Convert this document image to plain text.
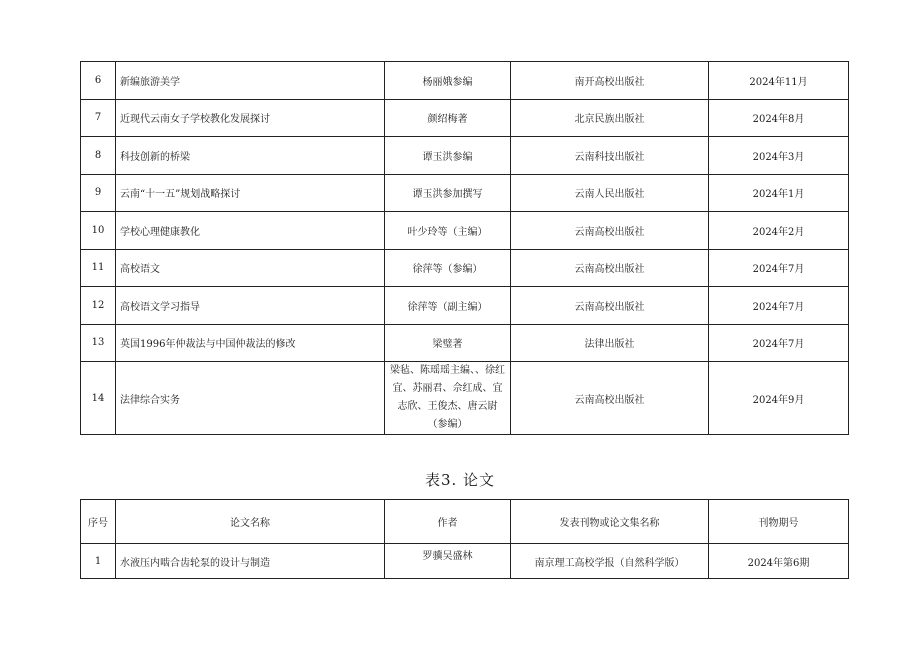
6	新编旅游美学	杨丽娥参编	南开高校出版社	2024年11月
7	近现代云南女子学校教化发展探讨	颜绍梅著	北京民族出版社	2024年8月
8	科技创新的桥梁	谭玉洪参编	云南科技出版社	2024年3月
9	云南“十一五”规划战略探讨	谭玉洪参加撰写	云南人民出版社	2024年1月
10	学校心理健康教化	叶少玲等（主编）	云南高校出版社	2024年2月
11	高校语文	徐萍等（参编）	云南高校出版社	2024年7月
12	高校语文学习指导	徐萍等（副主编）	云南高校出版社	2024年7月
13	英国1996年仲裁法与中国仲裁法的修改	梁璧著	法律出版社	2024年7月
14	法律综合实务	梁毡、陈瑶瑶主编、、徐红宜、苏丽君、佘红成、宜志欣、王俊杰、唐云尉（参编）	云南高校出版社	2024年9月
表3. 论文
序号	论文名称	作者	发表刊物或论文集名称	刊物期号
1	水液压内啮合齿轮泵的设计与制造	罗骥吴盛林	南京理工高校学报（自然科学版）	2024年第6期
